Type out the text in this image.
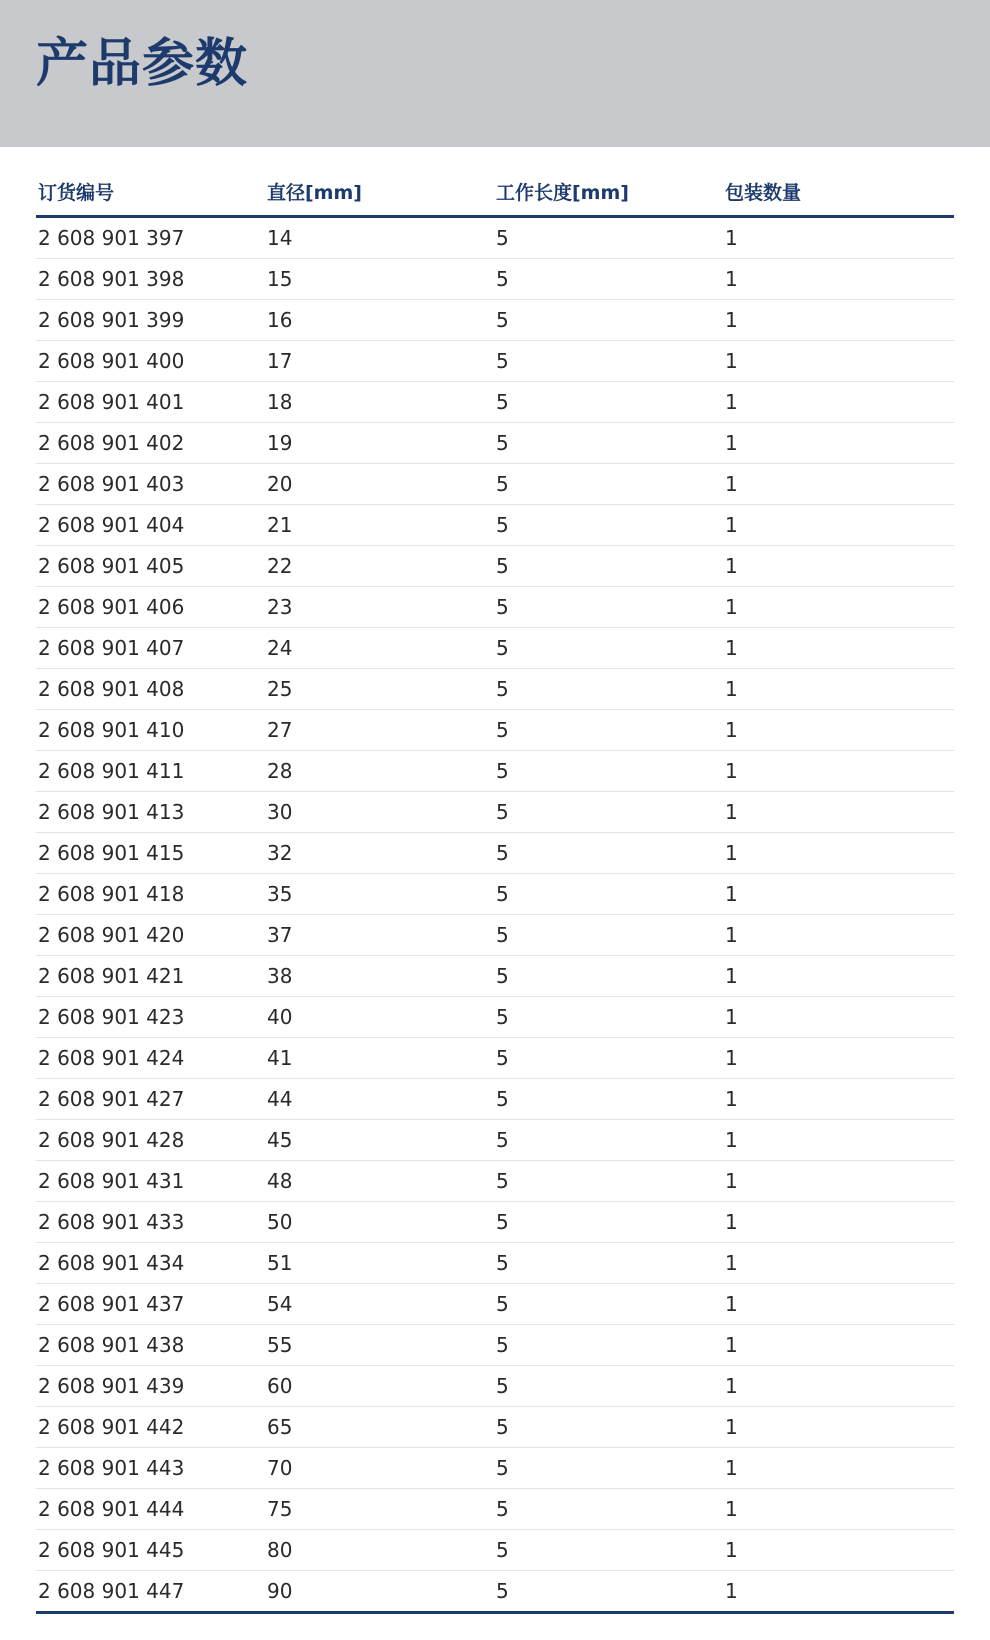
产品参数
订货编号	直径[mm]	工作长度[mm]	包装数量
2 608 901 397	14	5	1
2 608 901 398	15	5	1
2 608 901 399	16	5	1
2 608 901 400	17	5	1
2 608 901 401	18	5	1
2 608 901 402	19	5	1
2 608 901 403	20	5	1
2 608 901 404	21	5	1
2 608 901 405	22	5	1
2 608 901 406	23	5	1
2 608 901 407	24	5	1
2 608 901 408	25	5	1
2 608 901 410	27	5	1
2 608 901 411	28	5	1
2 608 901 413	30	5	1
2 608 901 415	32	5	1
2 608 901 418	35	5	1
2 608 901 420	37	5	1
2 608 901 421	38	5	1
2 608 901 423	40	5	1
2 608 901 424	41	5	1
2 608 901 427	44	5	1
2 608 901 428	45	5	1
2 608 901 431	48	5	1
2 608 901 433	50	5	1
2 608 901 434	51	5	1
2 608 901 437	54	5	1
2 608 901 438	55	5	1
2 608 901 439	60	5	1
2 608 901 442	65	5	1
2 608 901 443	70	5	1
2 608 901 444	75	5	1
2 608 901 445	80	5	1
2 608 901 447	90	5	1
